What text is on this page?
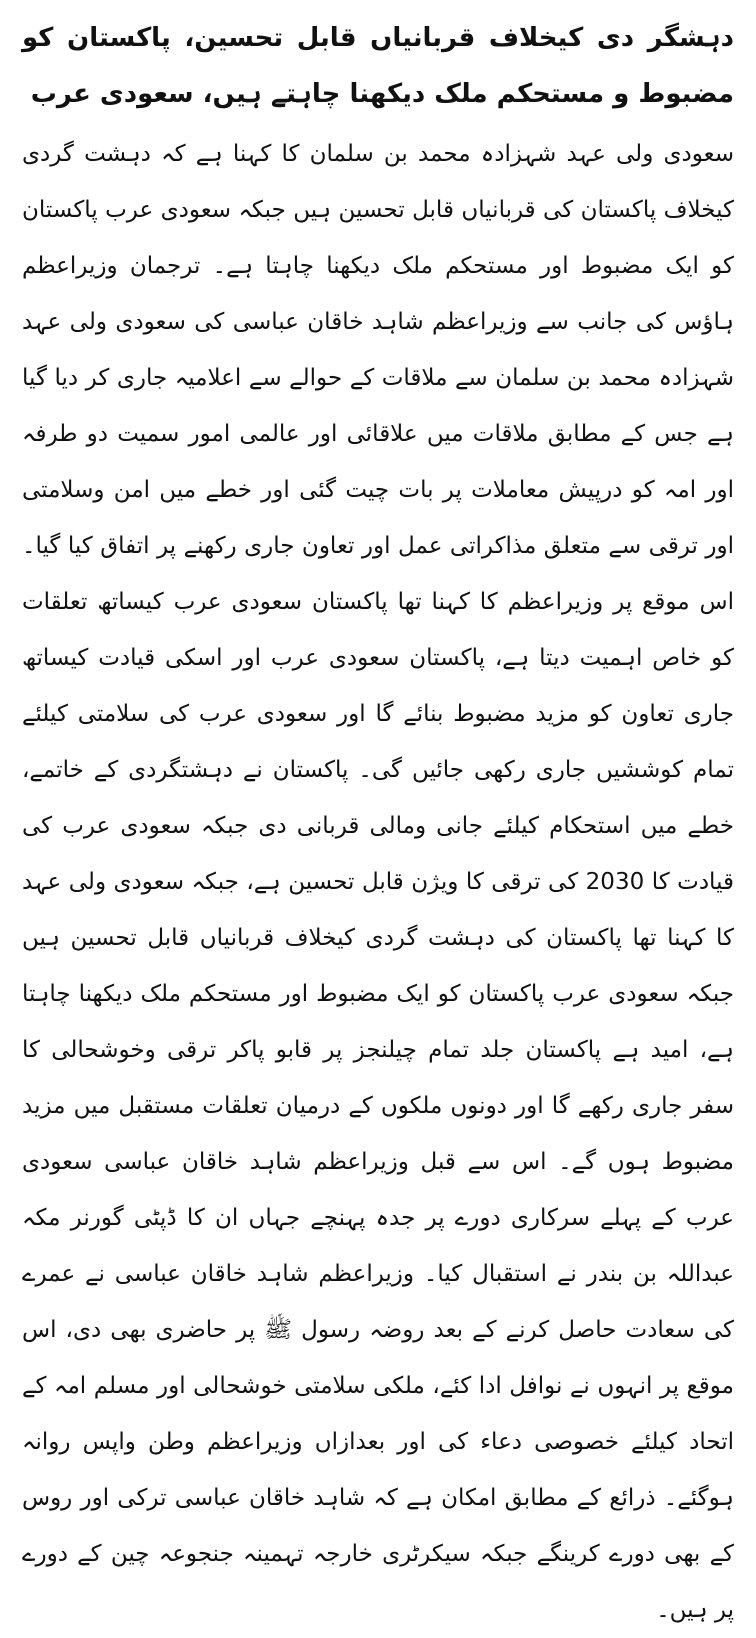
دہشگر دی کیخلاف قربانیاں قابل تحسین، پاکستان کو مضبوط و مستحکم ملک دیکھنا چاہتے ہیں، سعودی عرب

سعودی ولی عہد شہزادہ محمد بن سلمان کا کہنا ہے کہ دہشت گردی کیخلاف پاکستان کی قربانیاں قابل تحسین ہیں جبکہ سعودی عرب پاکستان کو ایک مضبوط اور مستحکم ملک دیکھنا چاہتا ہے۔ ترجمان وزیراعظم ہاؤس کی جانب سے وزیراعظم شاہد خاقان عباسی کی سعودی ولی عہد شہزادہ محمد بن سلمان سے ملاقات کے حوالے سے اعلامیہ جاری کر دیا گیا ہے جس کے مطابق ملاقات میں علاقائی اور عالمی امور سمیت دو طرفہ اور امہ کو درپیش معاملات پر بات چیت گئی اور خطے میں امن وسلامتی اور ترقی سے متعلق مذاکراتی عمل اور تعاون جاری رکھنے پر اتفاق کیا گیا۔ اس موقع پر وزیراعظم کا کہنا تھا پاکستان سعودی عرب کیساتھ تعلقات کو خاص اہمیت دیتا ہے، پاکستان سعودی عرب اور اسکی قیادت کیساتھ جاری تعاون کو مزید مضبوط بنائے گا اور سعودی عرب کی سلامتی کیلئے تمام کوششیں جاری رکھی جائیں گی۔ پاکستان نے دہشتگردی کے خاتمے، خطے میں استحکام کیلئے جانی ومالی قربانی دی جبکہ سعودی عرب کی قیادت کا 2030 کی ترقی کا ویژن قابل تحسین ہے، جبکہ سعودی ولی عہد کا کہنا تھا پاکستان کی دہشت گردی کیخلاف قربانیاں قابل تحسین ہیں جبکہ سعودی عرب پاکستان کو ایک مضبوط اور مستحکم ملک دیکھنا چاہتا ہے، امید ہے پاکستان جلد تمام چیلنجز پر قابو پاکر ترقی وخوشحالی کا سفر جاری رکھے گا اور دونوں ملکوں کے درمیان تعلقات مستقبل میں مزید مضبوط ہوں گے۔ اس سے قبل وزیراعظم شاہد خاقان عباسی سعودی عرب کے پہلے سرکاری دورے پر جدہ پہنچے جہاں ان کا ڈپٹی گورنر مکہ عبداللہ بن بندر نے استقبال کیا۔ وزیراعظم شاہد خاقان عباسی نے عمرے کی سعادت حاصل کرنے کے بعد روضہ رسول ﷺ پر حاضری بھی دی، اس موقع پر انہوں نے نوافل ادا کئے، ملکی سلامتی خوشحالی اور مسلم امہ کے اتحاد کیلئے خصوصی دعاء کی اور بعدازاں وزیراعظم وطن واپس روانہ ہوگئے۔ ذرائع کے مطابق امکان ہے کہ شاہد خاقان عباسی ترکی اور روس کے بھی دورے کرینگے جبکہ سیکرٹری خارجہ تہمینہ جنجوعہ چین کے دورے پر ہیں۔
